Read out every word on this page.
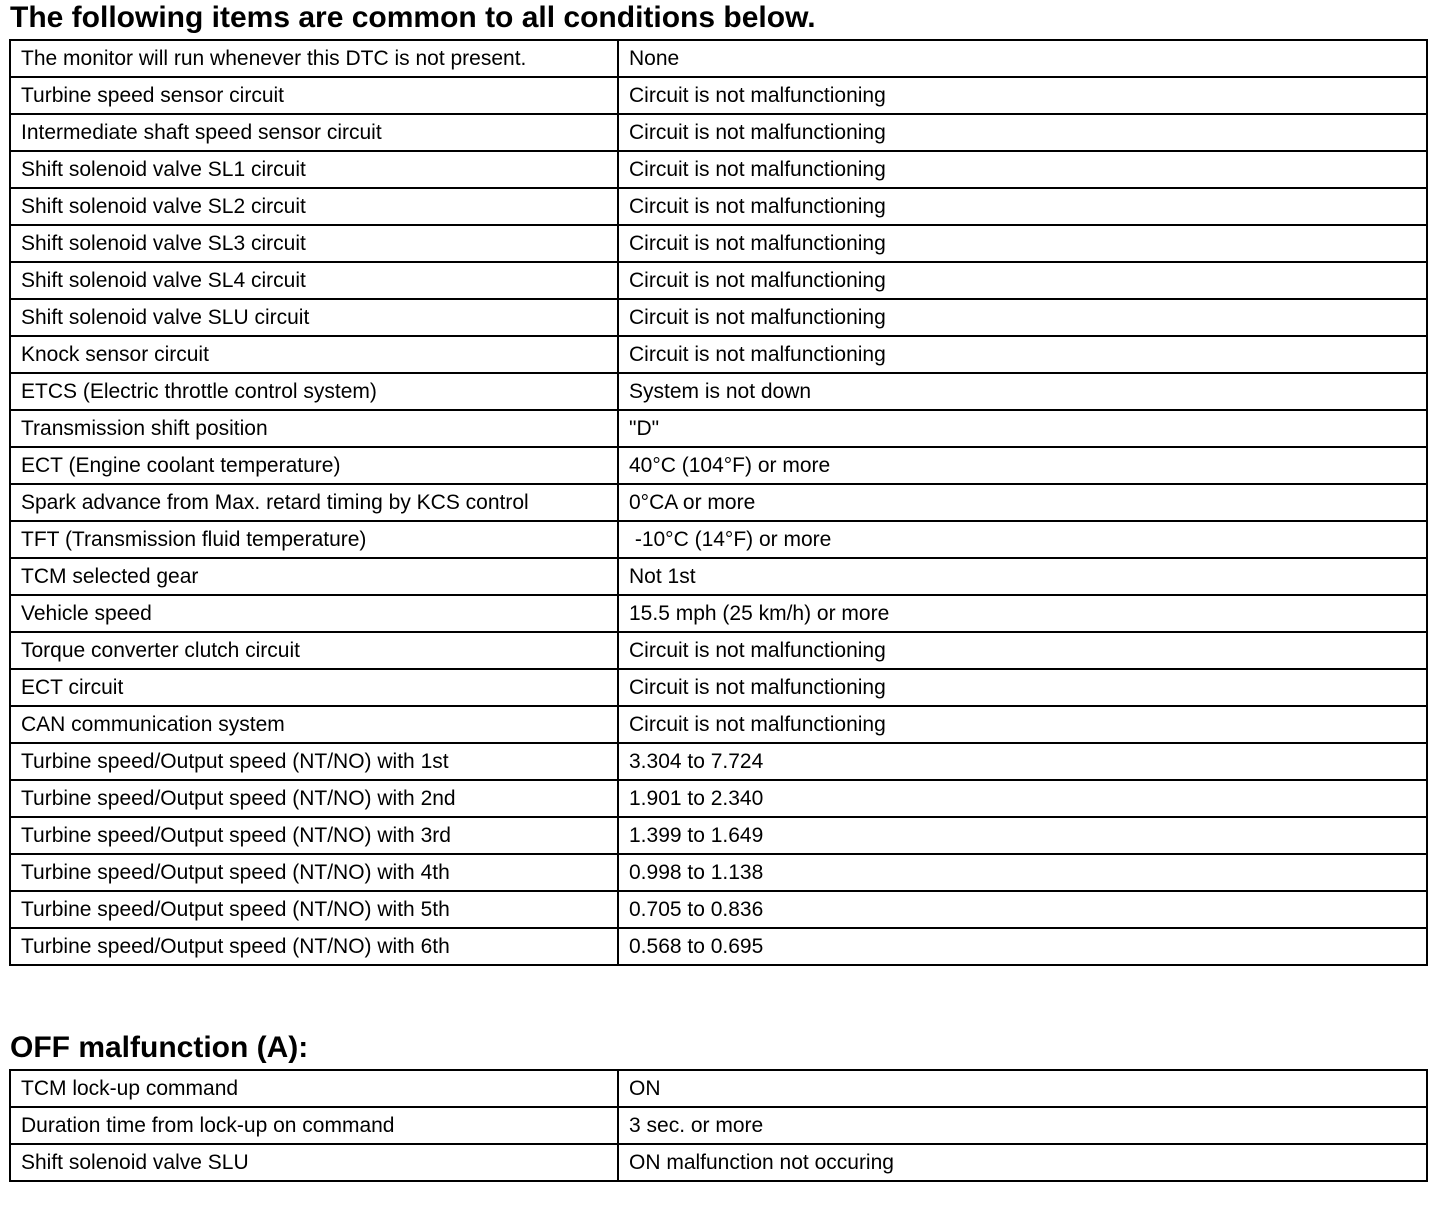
The following items are common to all conditions below.
The monitor will run whenever this DTC is not present.	None
Turbine speed sensor circuit	Circuit is not malfunctioning
Intermediate shaft speed sensor circuit	Circuit is not malfunctioning
Shift solenoid valve SL1 circuit	Circuit is not malfunctioning
Shift solenoid valve SL2 circuit	Circuit is not malfunctioning
Shift solenoid valve SL3 circuit	Circuit is not malfunctioning
Shift solenoid valve SL4 circuit	Circuit is not malfunctioning
Shift solenoid valve SLU circuit	Circuit is not malfunctioning
Knock sensor circuit	Circuit is not malfunctioning
ETCS (Electric throttle control system)	System is not down
Transmission shift position	"D"
ECT (Engine coolant temperature)	40°C (104°F) or more
Spark advance from Max. retard timing by KCS control	0°CA or more
TFT (Transmission fluid temperature)	-10°C (14°F) or more
TCM selected gear	Not 1st
Vehicle speed	15.5 mph (25 km/h) or more
Torque converter clutch circuit	Circuit is not malfunctioning
ECT circuit	Circuit is not malfunctioning
CAN communication system	Circuit is not malfunctioning
Turbine speed/Output speed (NT/NO) with 1st	3.304 to 7.724
Turbine speed/Output speed (NT/NO) with 2nd	1.901 to 2.340
Turbine speed/Output speed (NT/NO) with 3rd	1.399 to 1.649
Turbine speed/Output speed (NT/NO) with 4th	0.998 to 1.138
Turbine speed/Output speed (NT/NO) with 5th	0.705 to 0.836
Turbine speed/Output speed (NT/NO) with 6th	0.568 to 0.695
OFF malfunction (A):
TCM lock-up command	ON
Duration time from lock-up on command	3 sec. or more
Shift solenoid valve SLU	ON malfunction not occuring
